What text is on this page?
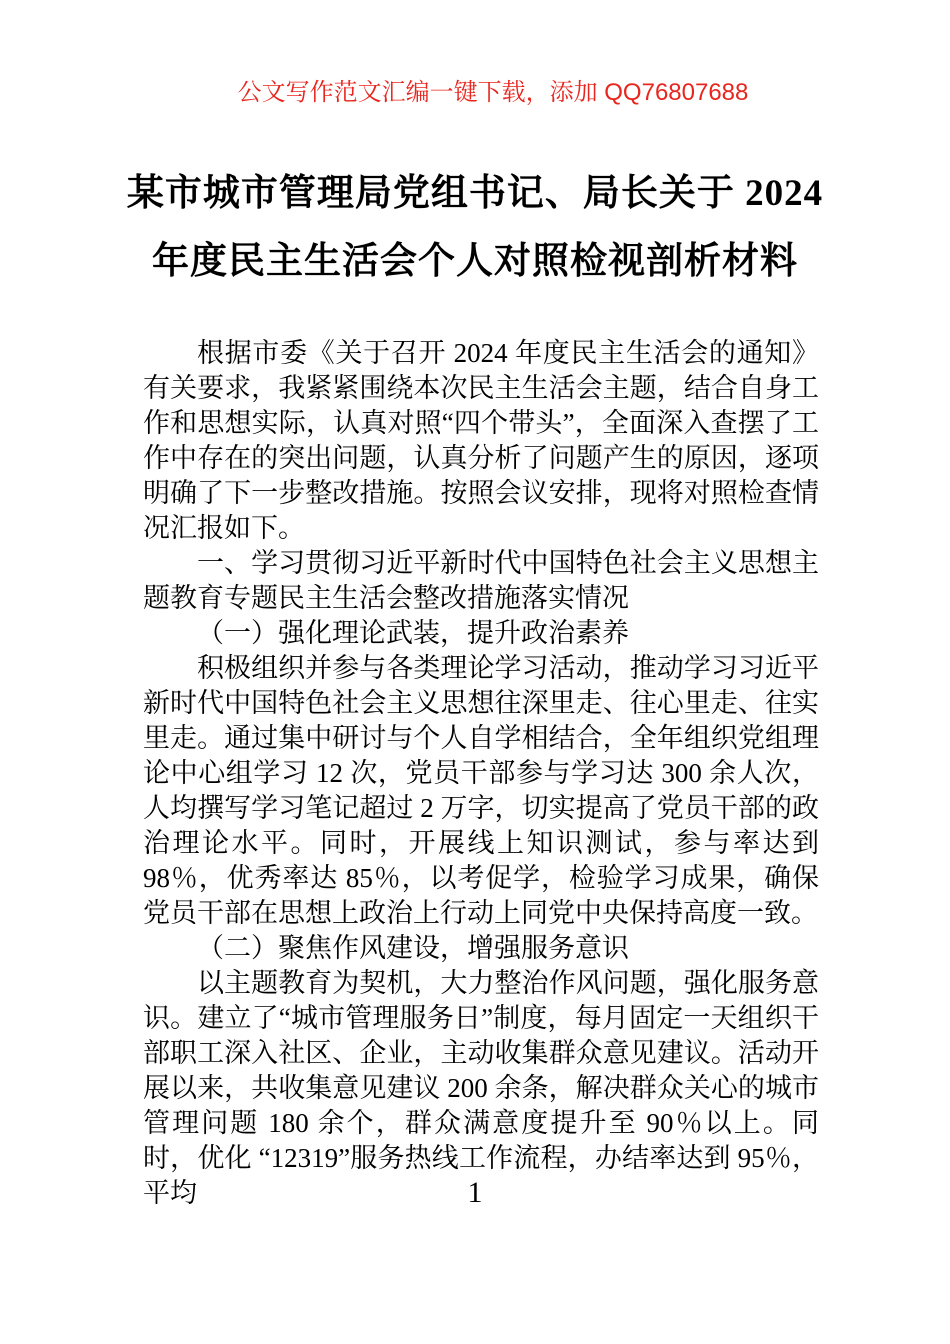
公文写作范文汇编一键下载，添加 QQ76807688
某市城市管理局党组书记、局长关于 2024
年度民主生活会个人对照检视剖析材料

根据市委《关于召开 2024 年度民主生活会的通知》有关要求，我紧紧围绕本次民主生活会主题，结合自身工作和思想实际，认真对照“四个带头”，全面深入查摆了工作中存在的突出问题，认真分析了问题产生的原因，逐项明确了下一步整改措施。按照会议安排，现将对照检查情况汇报如下。

一、学习贯彻习近平新时代中国特色社会主义思想主题教育专题民主生活会整改措施落实情况

（一）强化理论武装，提升政治素养

积极组织并参与各类理论学习活动，推动学习习近平新时代中国特色社会主义思想往深里走、往心里走、往实里走。通过集中研讨与个人自学相结合，全年组织党组理论中心组学习 12 次，党员干部参与学习达 300 余人次，人均撰写学习笔记超过 2 万字，切实提高了党员干部的政治理论水平。同时，开展线上知识测试，参与率达到 98％，优秀率达 85％，以考促学，检验学习成果，确保党员干部在思想上政治上行动上同党中央保持高度一致。

（二）聚焦作风建设，增强服务意识

以主题教育为契机，大力整治作风问题，强化服务意识。建立了“城市管理服务日”制度，每月固定一天组织干部职工深入社区、企业，主动收集群众意见建议。活动开展以来，共收集意见建议 200 余条，解决群众关心的城市管理问题 180 余个，群众满意度提升至 90％以上。同时，优化 “12319”服务热线工作流程，办结率达到 95％，平均	1
